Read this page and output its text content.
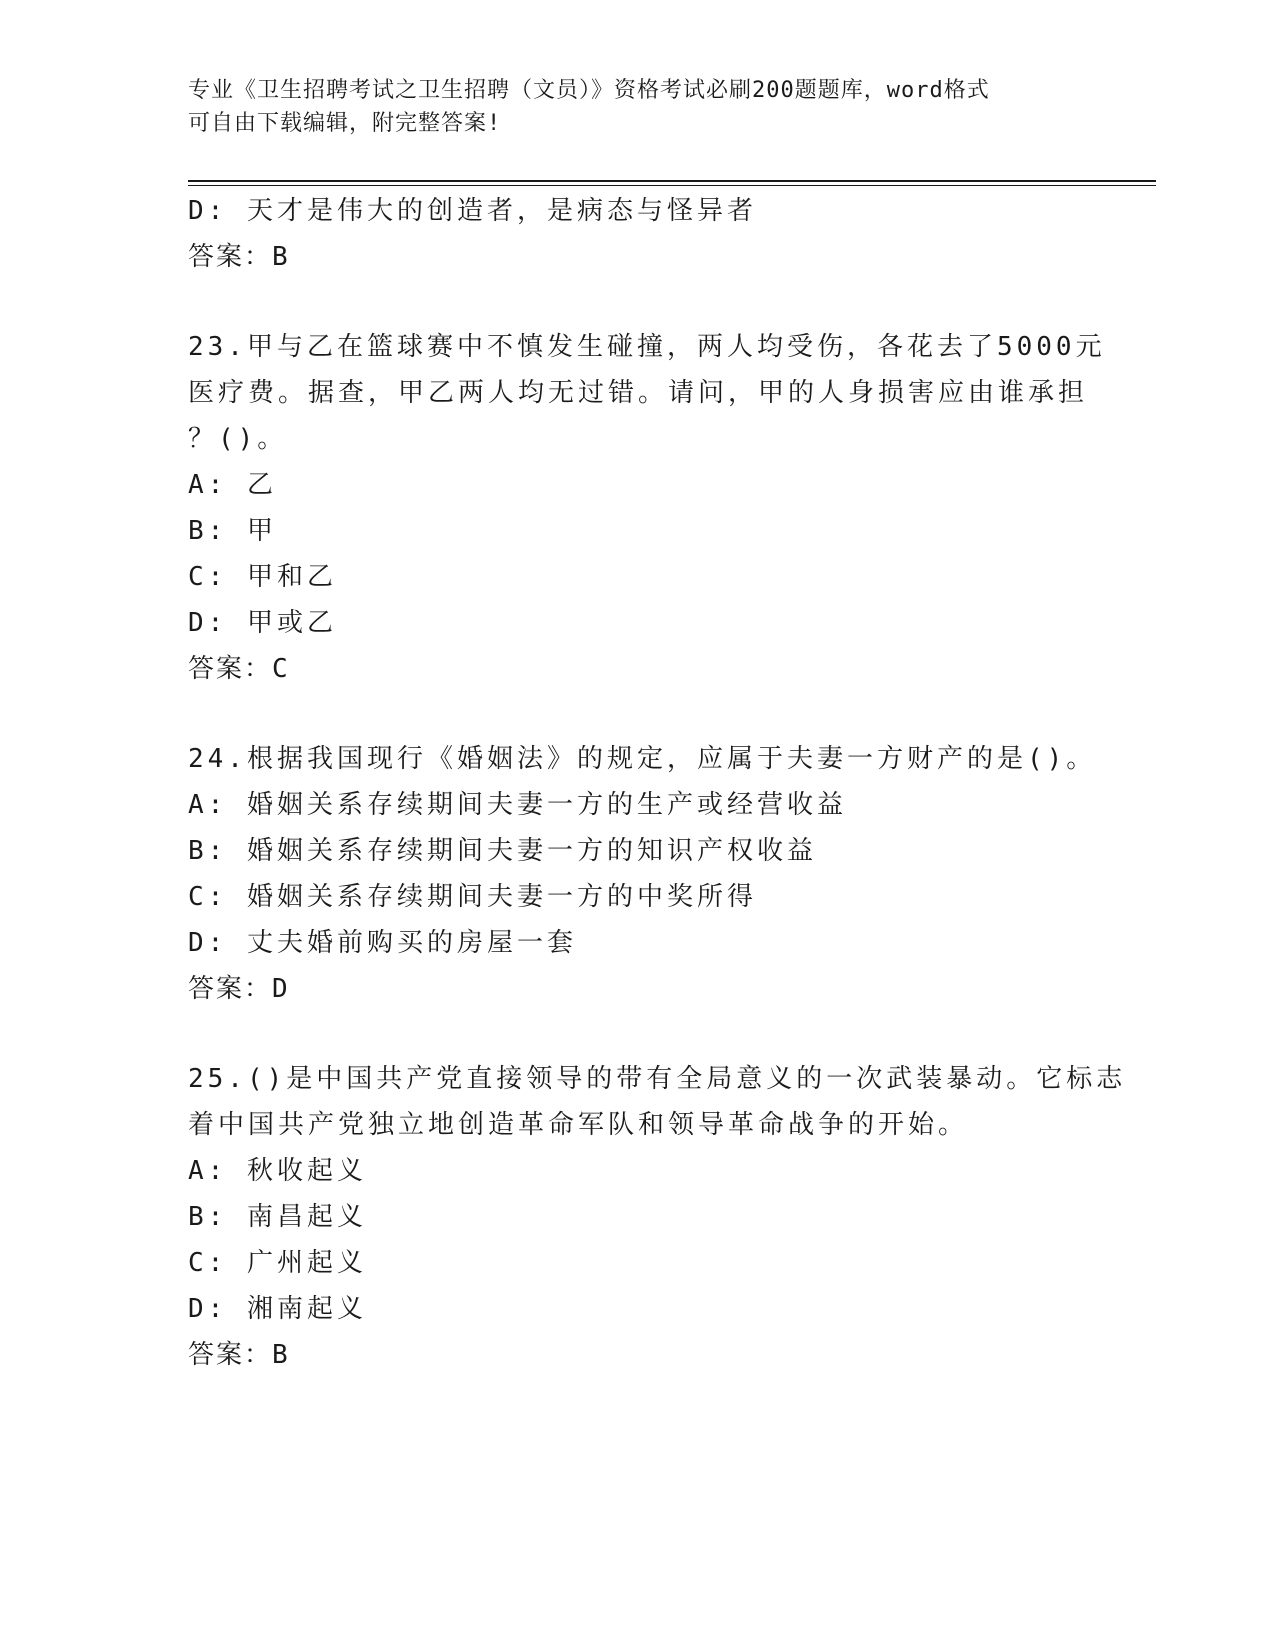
专业《卫生招聘考试之卫生招聘（文员）》资格考试必刷200题题库，word格式
可自由下载编辑，附完整答案!
D: 天才是伟大的创造者，是病态与怪异者
答案：B
23.甲与乙在篮球赛中不慎发生碰撞，两人均受伤，各花去了5000元
医疗费。据查，甲乙两人均无过错。请问，甲的人身损害应由谁承担
？()。
A: 乙
B: 甲
C: 甲和乙
D: 甲或乙
答案：C
24.根据我国现行《婚姻法》的规定，应属于夫妻一方财产的是()。
A: 婚姻关系存续期间夫妻一方的生产或经营收益
B: 婚姻关系存续期间夫妻一方的知识产权收益
C: 婚姻关系存续期间夫妻一方的中奖所得
D: 丈夫婚前购买的房屋一套
答案：D
25.()是中国共产党直接领导的带有全局意义的一次武装暴动。它标志
着中国共产党独立地创造革命军队和领导革命战争的开始。
A: 秋收起义
B: 南昌起义
C: 广州起义
D: 湘南起义
答案：B
